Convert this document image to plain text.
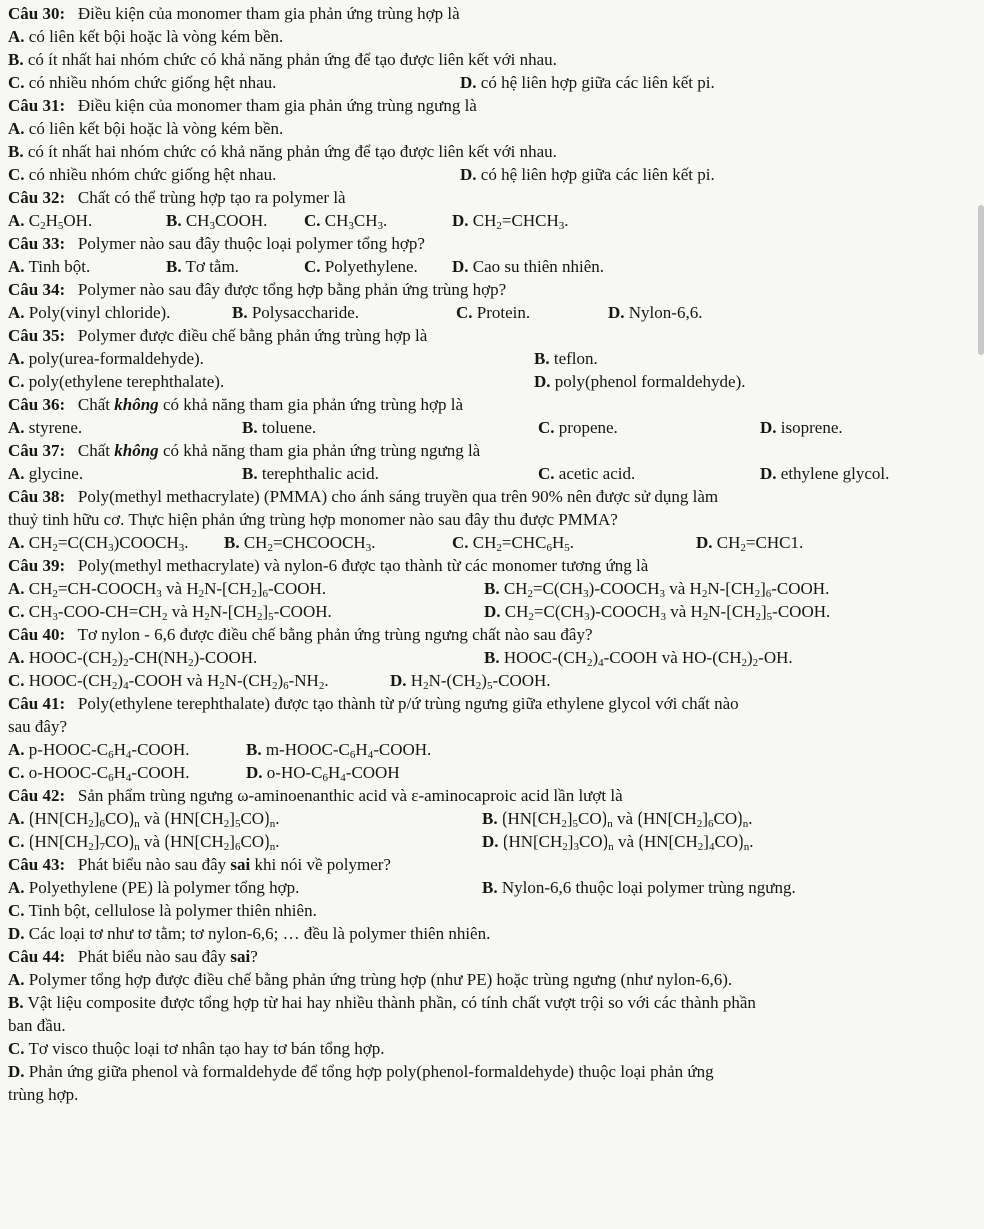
Câu 30: Điều kiện của monomer tham gia phản ứng trùng hợp là
A. có liên kết bội hoặc là vòng kém bền.
B. có ít nhất hai nhóm chức có khả năng phản ứng để tạo được liên kết với nhau.
C. có nhiều nhóm chức giống hệt nhau.	D. có hệ liên hợp giữa các liên kết pi.
Câu 31: Điều kiện của monomer tham gia phản ứng trùng ngưng là
A. có liên kết bội hoặc là vòng kém bền.
B. có ít nhất hai nhóm chức có khả năng phản ứng để tạo được liên kết với nhau.
C. có nhiều nhóm chức giống hệt nhau.	D. có hệ liên hợp giữa các liên kết pi.
Câu 32: Chất có thể trùng hợp tạo ra polymer là
A. $C_2H_5OH$.	B. $CH_3COOH$. C. $CH_3CH_3$.	D. $CH_2=CHCH_3$.
Câu 33: Polymer nào sau đây thuộc loại polymer tổng hợp?
A. Tinh bột.	B. Tơ tằm.	C. Polyethylene. D. Cao su thiên nhiên.
Câu 34: Polymer nào sau đây được tổng hợp bằng phản ứng trùng hợp?
A. Poly(vinyl chloride).	B. Polysaccharide.	C. Protein.	D. Nylon-6,6.
Câu 35: Polymer được điều chế bằng phản ứng trùng hợp là
A. poly(urea-formaldehyde).	B. teflon.
C. poly(ethylene terephthalate).	D. poly(phenol formaldehyde).
Câu 36: Chất không có khả năng tham gia phản ứng trùng hợp là
A. styrene.	B. toluene.	C. propene.	D. isoprene.
Câu 37: Chất không có khả năng tham gia phản ứng trùng ngưng là
A. glycine.	B. terephthalic acid.	C. acetic acid.	D. ethylene glycol.
Câu 38: Poly(methyl methacrylate) (PMMA) cho ánh sáng truyền qua trên 90% nên được sử dụng làm
thuỷ tinh hữu cơ. Thực hiện phản ứng trùng hợp monomer nào sau đây thu được PMMA?
A. $CH_2=C(CH_3)COOCH_3$. B. $CH_2=CHCOOCH_3$.	C. $CH_2=CHC_6H_5$.	D. $CH_2=CHC1$.
Câu 39: Poly(methyl methacrylate) và nylon-6 được tạo thành từ các monomer tương ứng là
A. $CH_2=CH-COOCH_3$ và $H_2N-[CH_2]_6$-COOH.	B. $CH_2=C(CH_3)-COOCH_3$ và $H_2N-[CH_2]_6$-COOH.
C. $CH_3-COO-CH=CH_2$ và $H_2N-[CH_2]_5$-COOH.	D. $CH_2=C(CH_3)-COOCH_3$ và $H_2N-[CH_2]_5$-COOH.
Câu 40: Tơ nylon - 6,6 được điều chế bằng phản ứng trùng ngưng chất nào sau đây?
A. HOOC-$(CH_2)_2-CH(NH_2)$-COOH.	B. HOOC-$(CH_2)_4$-COOH và $HO-(CH_2)_2-OH$.
C. HOOC-$(CH_2)_4$-COOH và $H_2N-(CH_2)_6-NH_2$.	D. $H_2N-(CH_2)_5$-COOH.
Câu 41: Poly(ethylene terephthalate) được tạo thành từ p/ứ trùng ngưng giữa ethylene glycol với chất nào
sau đây?
A. $p-HOOC-C_6H_4$-COOH.	B. $m-HOOC-C_6H_4$-COOH.
C. $o-HOOC-C_6H_4$-COOH.	D. $o-HO-C_6H_4$-COOH
Câu 42: Sản phẩm trùng ngưng ω-aminoenanthic acid và ε-aminocaproic acid lần lượt là
A. $⟮HN[CH_2]_6CO⟯_n$ và $⟮HN[CH_2]_5CO⟯_n$.	B. $⟮HN[CH_2]_5CO⟯_n$ và $⟮HN[CH_2]_6CO⟯_n$.
C. $⟮HN[CH_2]_7CO⟯_n$ và $⟮HN[CH_2]_6CO⟯_n$.	D. $⟮HN[CH_2]_3CO⟯_n$ và $⟮HN[CH_2]_4CO⟯_n$.
Câu 43: Phát biểu nào sau đây sai khi nói về polymer?
A. Polyethylene (PE) là polymer tổng hợp.	B. Nylon-6,6 thuộc loại polymer trùng ngưng.
C. Tinh bột, cellulose là polymer thiên nhiên.
D. Các loại tơ như tơ tằm; tơ nylon-6,6; … đều là polymer thiên nhiên.
Câu 44: Phát biểu nào sau đây sai?
A. Polymer tổng hợp được điều chế bằng phản ứng trùng hợp (như PE) hoặc trùng ngưng (như nylon-6,6).
B. Vật liệu composite được tổng hợp từ hai hay nhiều thành phần, có tính chất vượt trội so với các thành phần
ban đầu.
C. Tơ visco thuộc loại tơ nhân tạo hay tơ bán tổng hợp.
D. Phản ứng giữa phenol và formaldehyde để tổng hợp poly(phenol-formaldehyde) thuộc loại phản ứng
trùng hợp.
